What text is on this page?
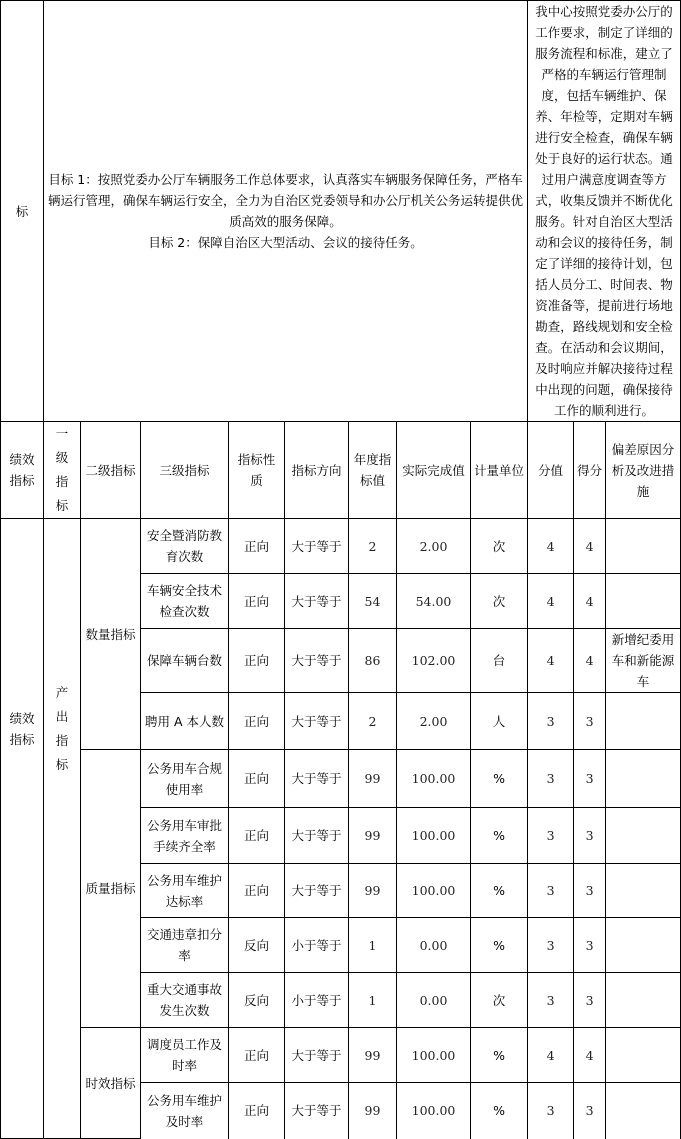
标	目标 1：按照党委办公厅车辆服务工作总体要求，认真落实车辆服务保障任务，严格车辆运行管理，确保车辆运行安全，全力为自治区党委领导和办公厅机关公务运转提供优质高效的服务保障。
目标 2：保障自治区大型活动、会议的接待任务。								我中心按照党委办公厅的工作要求，制定了详细的服务流程和标准，建立了严格的车辆运行管理制度，包括车辆维护、保养、年检等，定期对车辆进行安全检查，确保车辆处于良好的运行状态。通过用户满意度调查等方式，收集反馈并不断优化服务。针对自治区大型活动和会议的接待任务，制定了详细的接待计划，包括人员分工、时间表、物资准备等，提前进行场地勘查，路线规划和安全检查。在活动和会议期间，及时响应并解决接待过程中出现的问题，确保接待工作的顺利进行。		
绩效指标	一级指标	二级指标	三级指标	指标性质	指标方向	年度指标值	实际完成值	计量单位	分值	得分	偏差原因分析及改进措施
绩效指标	产出指标	数量指标	安全暨消防教育次数	正向	大于等于	2	2.00	次	4	4	
			车辆安全技术检查次数	正向	大于等于	54	54.00	次	4	4	
			保障车辆台数	正向	大于等于	86	102.00	台	4	4	新增纪委用车和新能源车
			聘用 A 本人数	正向	大于等于	2	2.00	人	3	3	
		质量指标	公务用车合规使用率	正向	大于等于	99	100.00	%	3	3	
			公务用车审批手续齐全率	正向	大于等于	99	100.00	%	3	3	
			公务用车维护达标率	正向	大于等于	99	100.00	%	3	3	
			交通违章扣分率	反向	小于等于	1	0.00	%	3	3	
			重大交通事故发生次数	反向	小于等于	1	0.00	次	3	3	
		时效指标	调度员工作及时率	正向	大于等于	99	100.00	%	4	4	
			公务用车维护及时率	正向	大于等于	99	100.00	%	3	3	
